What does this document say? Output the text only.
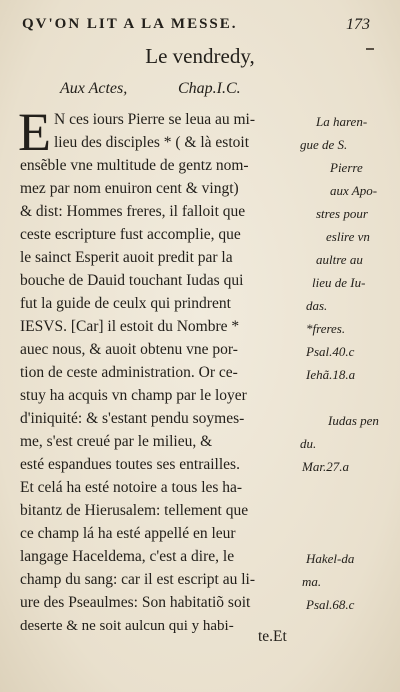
QV'ON LIT A LA MESSE.	173
Le vendredy,
Aux Actes,	Chap.I.C.
E N ces iours Pierre se leua au mi-
lieu des disciples * ( & là estoit
ensẽble vne multitude de gentz nom-
mez par nom enuiron cent & vingt)
& dist: Hommes freres, il falloit que
ceste escripture fust accomplie, que
le sainct Esperit auoit predit par la
bouche de Dauid touchant Iudas qui
fut la guide de ceulx qui prindrent
IESVS. [Car] il estoit du Nombre *
auec nous, & auoit obtenu vne por-
tion de ceste administration. Or ce-
stuy ha acquis vn champ par le loyer
d'iniquité: & s'estant pendu soymes-
me, s'est creué par le milieu, &
esté espandues toutes ses entrailles.
Et celá ha esté notoire a tous les ha-
bitantz de Hierusalem: tellement que
ce champ lá ha esté appellé en leur
langage Haceldema, c'est a dire, le
champ du sang: car il est escript au li-
ure des Pseaulmes: Son habitatiõ soit
deserte & ne soit aulcun qui y habi-
La haren-
gue de S.
Pierre
aux Apo-
stres pour
eslire vn
aultre au
lieu de Iu-
das.
*freres.
Psal.40.c
Iehã.18.a
Iudas pen
du.
Mar.27.a
Hakel-da
ma.
Psal.68.c
te.Et
